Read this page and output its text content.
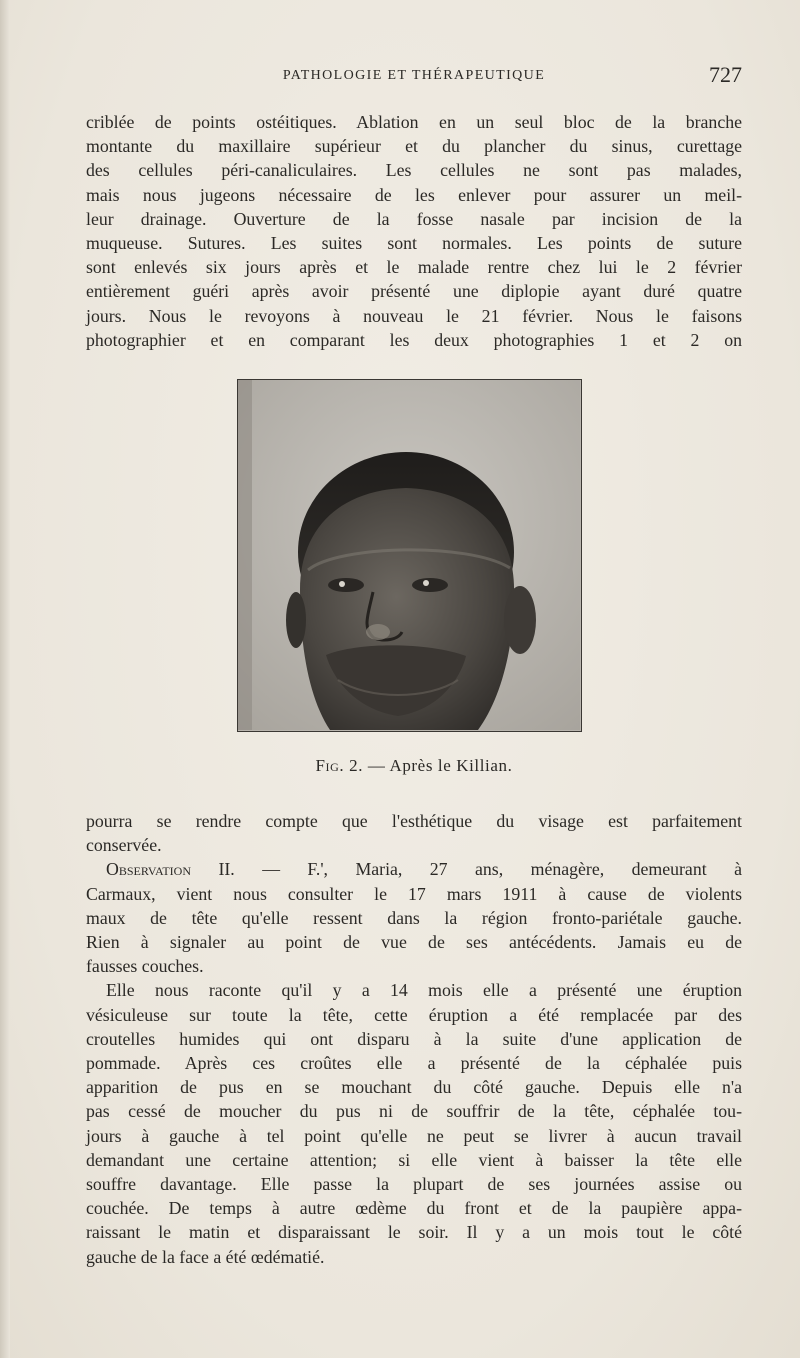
PATHOLOGIE ET THÉRAPEUTIQUE	727

criblée de points ostéitiques. Ablation en un seul bloc de la branche
montante du maxillaire supérieur et du plancher du sinus, curettage
des cellules péri-canaliculaires. Les cellules ne sont pas malades,
mais nous jugeons nécessaire de les enlever pour assurer un meil-
leur drainage. Ouverture de la fosse nasale par incision de la
muqueuse. Sutures. Les suites sont normales. Les points de suture
sont enlevés six jours après et le malade rentre chez lui le 2 février
entièrement guéri après avoir présenté une diplopie ayant duré quatre
jours. Nous le revoyons à nouveau le 21 février. Nous le faisons
photographier et en comparant les deux photographies 1 et 2 on

Fig. 2. — Après le Killian.

pourra se rendre compte que l'esthétique du visage est parfaitement
conservée.

Observation II. — F.', Maria, 27 ans, ménagère, demeurant à
Carmaux, vient nous consulter le 17 mars 1911 à cause de violents
maux de tête qu'elle ressent dans la région fronto-pariétale gauche.
Rien à signaler au point de vue de ses antécédents. Jamais eu de
fausses couches.

Elle nous raconte qu'il y a 14 mois elle a présenté une éruption
vésiculeuse sur toute la tête, cette éruption a été remplacée par des
croutelles humides qui ont disparu à la suite d'une application de
pommade. Après ces croûtes elle a présenté de la céphalée puis
apparition de pus en se mouchant du côté gauche. Depuis elle n'a
pas cessé de moucher du pus ni de souffrir de la tête, céphalée tou-
jours à gauche à tel point qu'elle ne peut se livrer à aucun travail
demandant une certaine attention; si elle vient à baisser la tête elle
souffre davantage. Elle passe la plupart de ses journées assise ou
couchée. De temps à autre œdème du front et de la paupière appa-
raissant le matin et disparaissant le soir. Il y a un mois tout le côté
gauche de la face a été œdématié.
